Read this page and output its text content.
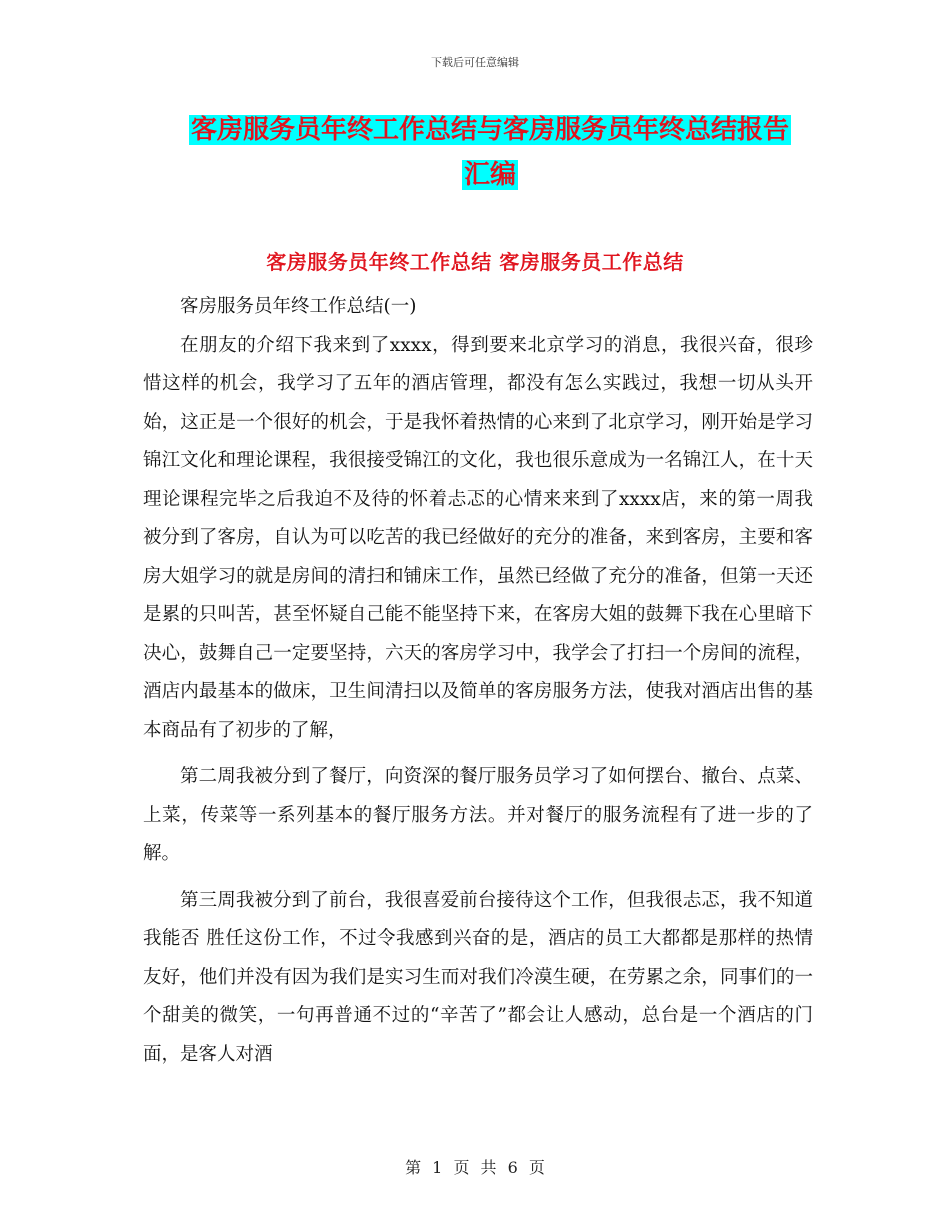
下载后可任意编辑
客房服务员年终工作总结与客房服务员年终总结报告
汇编
客房服务员年终工作总结 客房服务员工作总结

客房服务员年终工作总结(一)

在朋友的介绍下我来到了xxxx，得到要来北京学习的消息，我很兴奋，很珍惜这样的机会，我学习了五年的酒店管理，都没有怎么实践过，我想一切从头开始，这正是一个很好的机会，于是我怀着热情的心来到了北京学习，刚开始是学习锦江文化和理论课程，我很接受锦江的文化，我也很乐意成为一名锦江人，在十天理论课程完毕之后我迫不及待的怀着忐忑的心情来来到了xxxx店，来的第一周我被分到了客房，自认为可以吃苦的我已经做好的充分的准备，来到客房，主要和客房大姐学习的就是房间的清扫和铺床工作，虽然已经做了充分的准备，但第一天还是累的只叫苦，甚至怀疑自己能不能坚持下来，在客房大姐的鼓舞下我在心里暗下决心，鼓舞自己一定要坚持，六天的客房学习中，我学会了打扫一个房间的流程，酒店内最基本的做床，卫生间清扫以及简单的客房服务方法，使我对酒店出售的基本商品有了初步的了解，

第二周我被分到了餐厅，向资深的餐厅服务员学习了如何摆台、撤台、点菜、上菜，传菜等一系列基本的餐厅服务方法。并对餐厅的服务流程有了进一步的了解。

第三周我被分到了前台，我很喜爱前台接待这个工作，但我很忐忑，我不知道我能否 胜任这份工作，不过令我感到兴奋的是，酒店的员工大都都是那样的热情友好，他们并没有因为我们是实习生而对我们冷漠生硬，在劳累之余，同事们的一个甜美的微笑，一句再普通不过的“辛苦了”都会让人感动，总台是一个酒店的门面，是客人对酒

第 1 页 共 6 页
